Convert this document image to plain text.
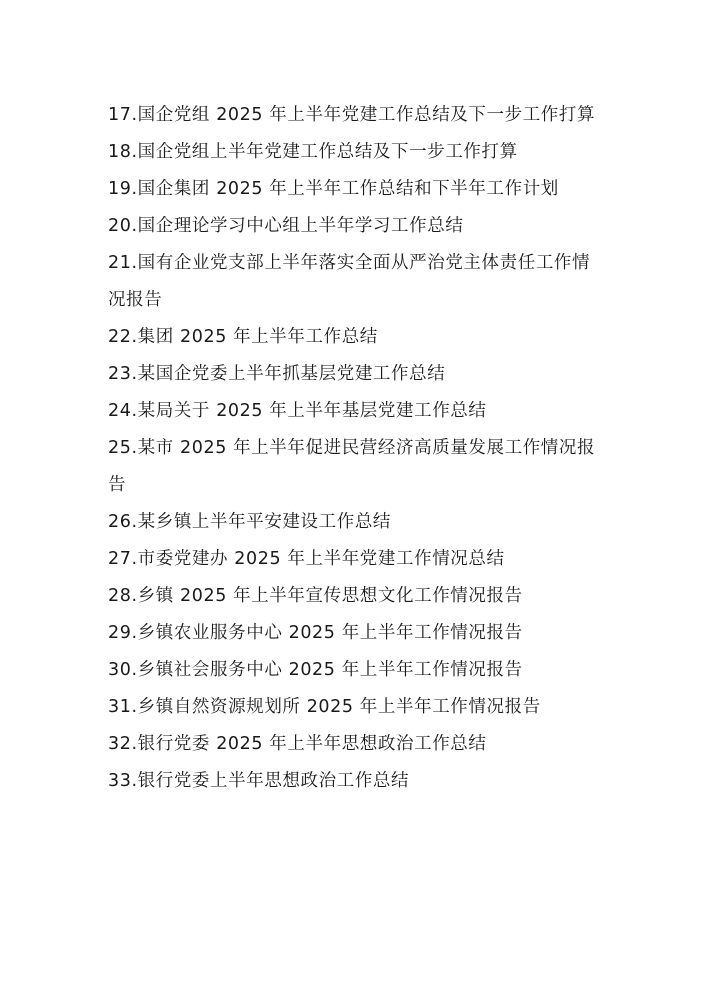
17.国企党组 2025 年上半年党建工作总结及下一步工作打算
18.国企党组上半年党建工作总结及下一步工作打算
19.国企集团 2025 年上半年工作总结和下半年工作计划
20.国企理论学习中心组上半年学习工作总结
21.国有企业党支部上半年落实全面从严治党主体责任工作情况报告
22.集团 2025 年上半年工作总结
23.某国企党委上半年抓基层党建工作总结
24.某局关于 2025 年上半年基层党建工作总结
25.某市 2025 年上半年促进民营经济高质量发展工作情况报告
26.某乡镇上半年平安建设工作总结
27.市委党建办 2025 年上半年党建工作情况总结
28.乡镇 2025 年上半年宣传思想文化工作情况报告
29.乡镇农业服务中心 2025 年上半年工作情况报告
30.乡镇社会服务中心 2025 年上半年工作情况报告
31.乡镇自然资源规划所 2025 年上半年工作情况报告
32.银行党委 2025 年上半年思想政治工作总结
33.银行党委上半年思想政治工作总结
